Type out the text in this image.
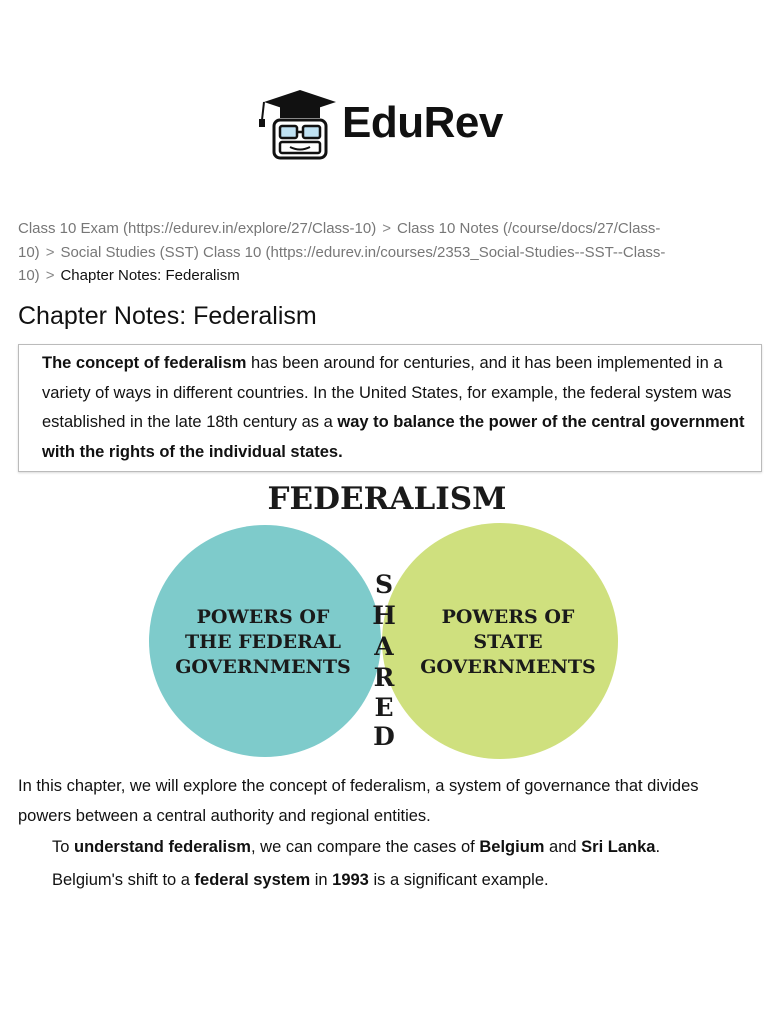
EduRev
Class 10 Exam (https://edurev.in/explore/27/Class-10) > Class 10 Notes (/course/docs/27/Class-10) > Social Studies (SST) Class 10 (https://edurev.in/courses/2353_Social-Studies--SST--Class-10) > Chapter Notes: Federalism
Chapter Notes: Federalism
The concept of federalism has been around for centuries, and it has been implemented in a variety of ways in different countries. In the United States, for example, the federal system was established in the late 18th century as a way to balance the power of the central government with the rights of the individual states.
FEDERALISM
POWERS OF
THE FEDERAL
GOVERNMENTS
POWERS OF
STATE
GOVERNMENTS
S
H
A
R
E
D

In this chapter, we will explore the concept of federalism, a system of governance that divides powers between a central authority and regional entities.

To understand federalism, we can compare the cases of Belgium and Sri Lanka.

Belgium's shift to a federal system in 1993 is a significant example.
